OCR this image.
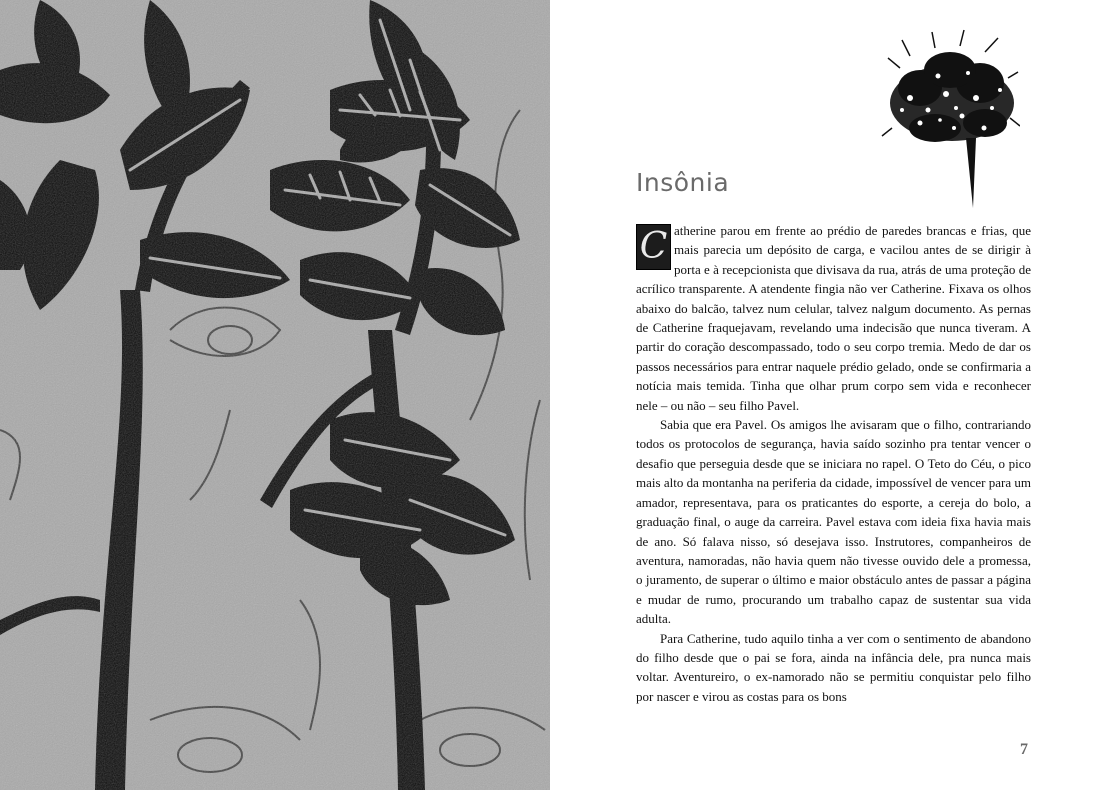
Insônia

C atherine parou em frente ao prédio de paredes brancas e frias, que mais parecia um depósito de carga, e vacilou antes de se dirigir à porta e à recepcionista que divisava da rua, atrás de uma proteção de acrílico transparente. A atendente fingia não ver Catherine. Fixava os olhos abaixo do balcão, talvez num celular, talvez nalgum documento. As pernas de Catherine fraquejavam, revelando uma indecisão que nunca tiveram. A partir do coração descompassado, todo o seu corpo tremia. Medo de dar os passos necessários para entrar naquele prédio gelado, onde se confirmaria a notícia mais temida. Tinha que olhar prum corpo sem vida e reconhecer nele – ou não – seu filho Pavel.

Sabia que era Pavel. Os amigos lhe avisaram que o filho, contrariando todos os protocolos de segurança, havia saído sozinho pra tentar vencer o desafio que perseguia desde que se iniciara no rapel. O Teto do Céu, o pico mais alto da montanha na periferia da cidade, impossível de vencer para um amador, representava, para os praticantes do esporte, a cereja do bolo, a graduação final, o auge da carreira. Pavel estava com ideia fixa havia mais de ano. Só falava nisso, só desejava isso. Instrutores, companheiros de aventura, namoradas, não havia quem não tivesse ouvido dele a promessa, o juramento, de superar o último e maior obstáculo antes de passar a página e mudar de rumo, procurando um trabalho capaz de sustentar sua vida adulta.

Para Catherine, tudo aquilo tinha a ver com o sentimento de abandono do filho desde que o pai se fora, ainda na infância dele, pra nunca mais voltar. Aventureiro, o ex-namorado não se permitiu conquistar pelo filho por nascer e virou as costas para os bons

7
